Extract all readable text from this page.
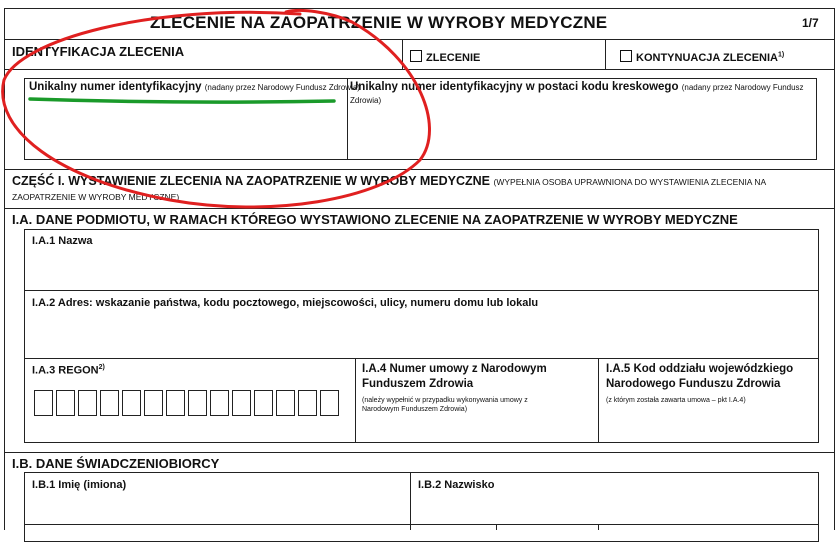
ZLECENIE NA ZAOPATRZENIE W WYROBY MEDYCZNE	1/7
IDENTYFIKACJA ZLECENIA	ZLECENIE	KONTYNUACJA ZLECENIA$^{1)}$
Unikalny numer identyfikacyjny (nadany przez Narodowy Fundusz Zdrowia)
Unikalny numer identyfikacyjny w postaci kodu kreskowego (nadany przez Narodowy Fundusz Zdrowia)
CZĘŚĆ I. WYSTAWIENIE ZLECENIA NA ZAOPATRZENIE W WYROBY MEDYCZNE (WYPEŁNIA OSOBA UPRAWNIONA DO WYSTAWIENIA ZLECENIA NA ZAOPATRZENIE W WYROBY MEDYCZNE)
I.A. DANE PODMIOTU, W RAMACH KTÓREGO WYSTAWIONO ZLECENIE NA ZAOPATRZENIE W WYROBY MEDYCZNE
I.A.1 Nazwa
I.A.2 Adres: wskazanie państwa, kodu pocztowego, miejscowości, ulicy, numeru domu lub lokalu
I.A.3 REGON$^{2)}$	I.A.4 Numer umowy z Narodowym Funduszem Zdrowia
(należy wypełnić w przypadku wykonywania umowy z Narodowym Funduszem Zdrowia)
I.A.5 Kod oddziału wojewódzkiego Narodowego Funduszu Zdrowia
(z którym została zawarta umowa – pkt I.A.4)
I.B. DANE ŚWIADCZENIOBIORCY
I.B.1 Imię (imiona)	I.B.2 Nazwisko
